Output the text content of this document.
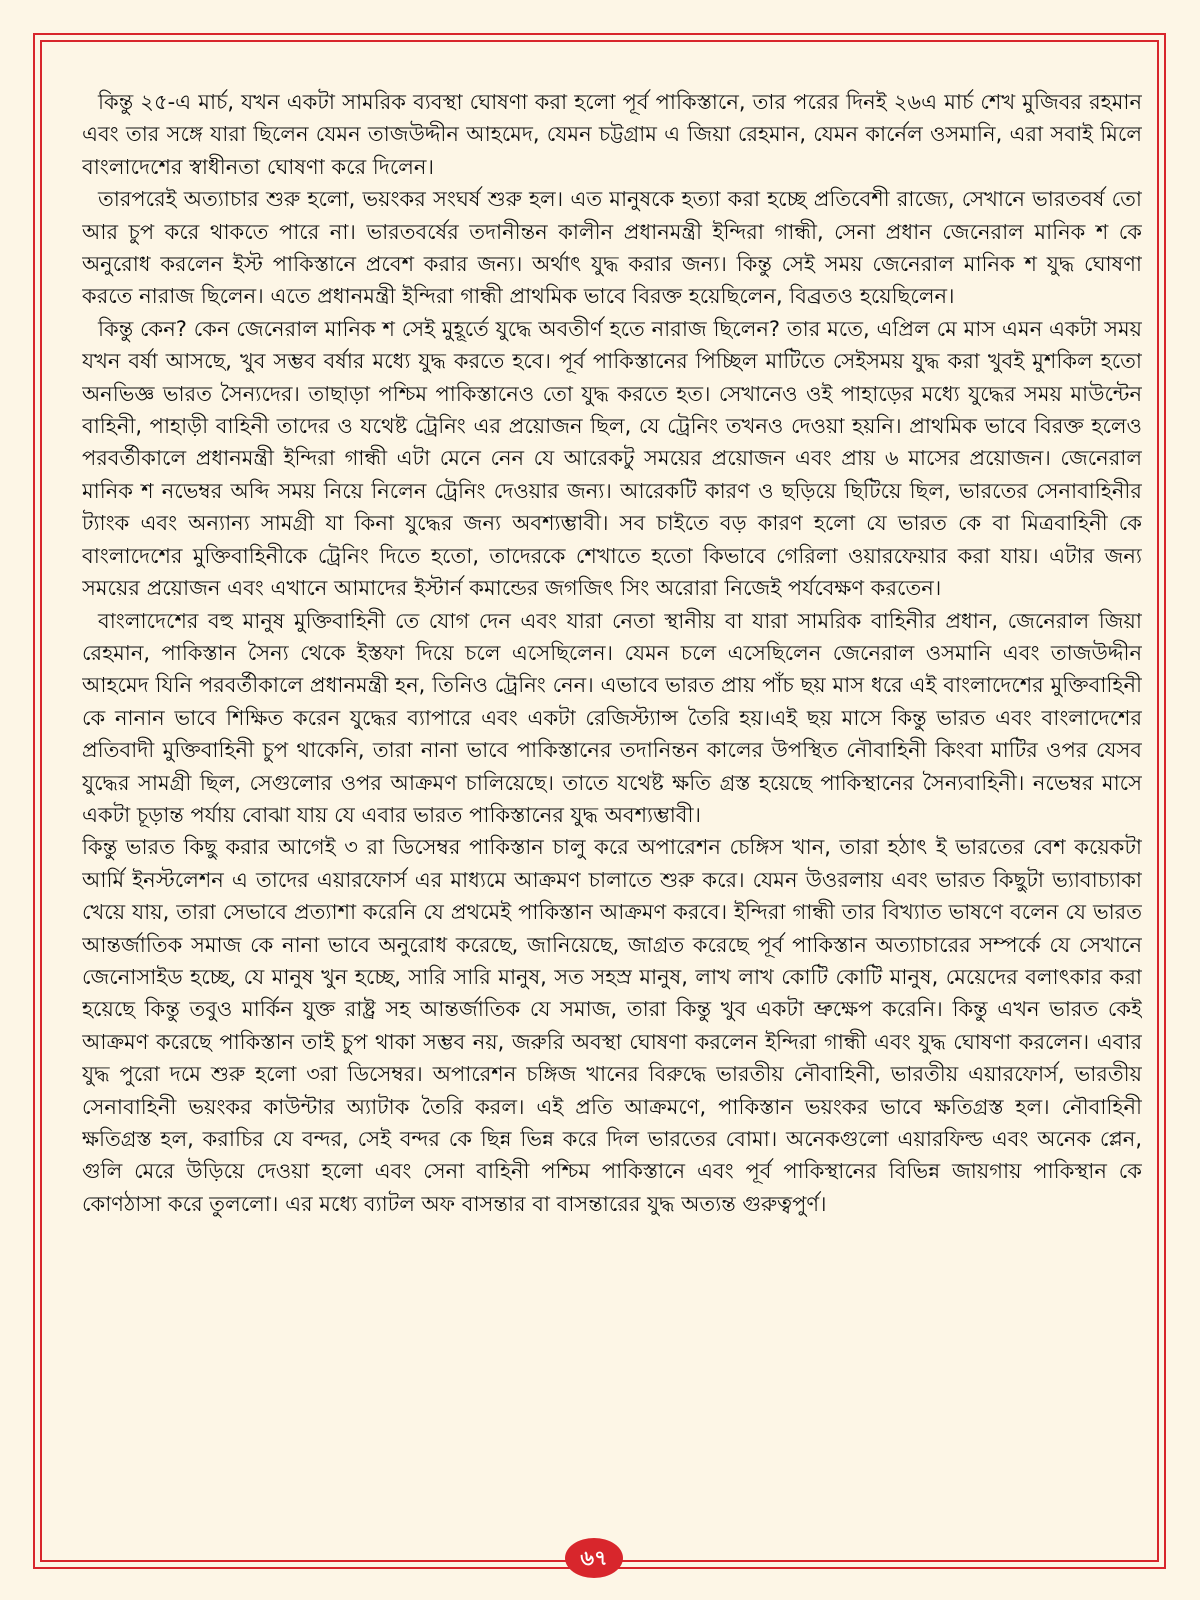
কিন্তু ২৫-এ মার্চ, যখন একটা সামরিক ব্যবস্থা ঘোষণা করা হলো পূর্ব পাকিস্তানে, তার পরের দিনই ২৬এ মার্চ শেখ মুজিবর রহমান এবং তার সঙ্গে যারা ছিলেন যেমন তাজউদ্দীন আহমেদ, যেমন চট্টগ্রাম এ জিয়া রেহমান, যেমন কার্নেল ওসমানি, এরা সবাই মিলে বাংলাদেশের স্বাধীনতা ঘোষণা করে দিলেন।

তারপরেই অত্যাচার শুরু হলো, ভয়ংকর সংঘর্ষ শুরু হল। এত মানুষকে হত্যা করা হচ্ছে প্রতিবেশী রাজ্যে, সেখানে ভারতবর্ষ তো আর চুপ করে থাকতে পারে না। ভারতবর্ষের তদানীন্তন কালীন প্রধানমন্ত্রী ইন্দিরা গান্ধী, সেনা প্রধান জেনেরাল মানিক শ কে অনুরোধ করলেন ইস্ট পাকিস্তানে প্রবেশ করার জন্য। অর্থাৎ যুদ্ধ করার জন্য। কিন্তু সেই সময় জেনেরাল মানিক শ যুদ্ধ ঘোষণা করতে নারাজ ছিলেন। এতে প্রধানমন্ত্রী ইন্দিরা গান্ধী প্রাথমিক ভাবে বিরক্ত হয়েছিলেন, বিব্রতও হয়েছিলেন।

কিন্তু কেন? কেন জেনেরাল মানিক শ সেই মুহূর্তে যুদ্ধে অবতীর্ণ হতে নারাজ ছিলেন? তার মতে, এপ্রিল মে মাস এমন একটা সময় যখন বর্ষা আসছে, খুব সম্ভব বর্ষার মধ্যে যুদ্ধ করতে হবে। পূর্ব পাকিস্তানের পিচ্ছিল মাটিতে সেইসময় যুদ্ধ করা খুবই মুশকিল হতো অনভিজ্ঞ ভারত সৈন্যদের। তাছাড়া পশ্চিম পাকিস্তানেও তো যুদ্ধ করতে হত। সেখানেও ওই পাহাড়ের মধ্যে যুদ্ধের সময় মাউন্টেন বাহিনী, পাহাড়ী বাহিনী তাদের ও যথেষ্ট ট্রেনিং এর প্রয়োজন ছিল, যে ট্রেনিং তখনও দেওয়া হয়নি। প্রাথমিক ভাবে বিরক্ত হলেও পরবর্তীকালে প্রধানমন্ত্রী ইন্দিরা গান্ধী এটা মেনে নেন যে আরেকটু সময়ের প্রয়োজন এবং প্রায় ৬ মাসের প্রয়োজন। জেনেরাল মানিক শ নভেম্বর অব্দি সময় নিয়ে নিলেন ট্রেনিং দেওয়ার জন্য। আরেকটি কারণ ও ছড়িয়ে ছিটিয়ে ছিল, ভারতের সেনাবাহিনীর ট্যাংক এবং অন্যান্য সামগ্রী যা কিনা যুদ্ধের জন্য অবশ্যম্ভাবী। সব চাইতে বড় কারণ হলো যে ভারত কে বা মিত্রবাহিনী কে বাংলাদেশের মুক্তিবাহিনীকে ট্রেনিং দিতে হতো, তাদেরকে শেখাতে হতো কিভাবে গেরিলা ওয়ারফেয়ার করা যায়। এটার জন্য সময়ের প্রয়োজন এবং এখানে আমাদের ইস্টার্ন কমান্ডের জগজিৎ সিং অরোরা নিজেই পর্যবেক্ষণ করতেন।

বাংলাদেশের বহু মানুষ মুক্তিবাহিনী তে যোগ দেন এবং যারা নেতা স্থানীয় বা যারা সামরিক বাহিনীর প্রধান, জেনেরাল জিয়া রেহমান, পাকিস্তান সৈন্য থেকে ইস্তফা দিয়ে চলে এসেছিলেন। যেমন চলে এসেছিলেন জেনেরাল ওসমানি এবং তাজউদ্দীন আহমেদ যিনি পরবর্তীকালে প্রধানমন্ত্রী হন, তিনিও ট্রেনিং নেন। এভাবে ভারত প্রায় পাঁচ ছয় মাস ধরে এই বাংলাদেশের মুক্তিবাহিনী কে নানান ভাবে শিক্ষিত করেন যুদ্ধের ব্যাপারে এবং একটা রেজিস্ট্যান্স তৈরি হয়।এই ছয় মাসে কিন্তু ভারত এবং বাংলাদেশের প্রতিবাদী মুক্তিবাহিনী চুপ থাকেনি, তারা নানা ভাবে পাকিস্তানের তদানিন্তন কালের উপস্থিত নৌবাহিনী কিংবা মাটির ওপর যেসব যুদ্ধের সামগ্রী ছিল, সেগুলোর ওপর আক্রমণ চালিয়েছে। তাতে যথেষ্ট ক্ষতি গ্রস্ত হয়েছে পাকিস্থানের সৈন্যবাহিনী। নভেম্বর মাসে একটা চূড়ান্ত পর্যায় বোঝা যায় যে এবার ভারত পাকিস্তানের যুদ্ধ অবশ্যম্ভাবী।

কিন্তু ভারত কিছু করার আগেই ৩ রা ডিসেম্বর পাকিস্তান চালু করে অপারেশন চেঙ্গিস খান, তারা হঠাৎ ই ভারতের বেশ কয়েকটা আর্মি ইনস্টলেশন এ তাদের এয়ারফোর্স এর মাধ্যমে আক্রমণ চালাতে শুরু করে। যেমন উওরলায় এবং ভারত কিছুটা ভ্যাবাচ্যাকা খেয়ে যায়, তারা সেভাবে প্রত্যাশা করেনি যে প্রথমেই পাকিস্তান আক্রমণ করবে। ইন্দিরা গান্ধী তার বিখ্যাত ভাষণে বলেন যে ভারত আন্তর্জাতিক সমাজ কে নানা ভাবে অনুরোধ করেছে, জানিয়েছে, জাগ্রত করেছে পূর্ব পাকিস্তান অত্যাচারের সম্পর্কে যে সেখানে জেনোসাইড হচ্ছে, যে মানুষ খুন হচ্ছে, সারি সারি মানুষ, সত সহস্র মানুষ, লাখ লাখ কোটি কোটি মানুষ, মেয়েদের বলাৎকার করা হয়েছে কিন্তু তবুও মার্কিন যুক্ত রাষ্ট্র সহ আন্তর্জাতিক যে সমাজ, তারা কিন্তু খুব একটা ভ্রুক্ষেপ করেনি। কিন্তু এখন ভারত কেই আক্রমণ করেছে পাকিস্তান তাই চুপ থাকা সম্ভব নয়, জরুরি অবস্থা ঘোষণা করলেন ইন্দিরা গান্ধী এবং যুদ্ধ ঘোষণা করলেন। এবার যুদ্ধ পুরো দমে শুরু হলো ৩রা ডিসেম্বর। অপারেশন চঙ্গিজ খানের বিরুদ্ধে ভারতীয় নৌবাহিনী, ভারতীয় এয়ারফোর্স, ভারতীয় সেনাবাহিনী ভয়ংকর কাউন্টার অ্যাটাক তৈরি করল। এই প্রতি আক্রমণে, পাকিস্তান ভয়ংকর ভাবে ক্ষতিগ্রস্ত হল। নৌবাহিনী ক্ষতিগ্রস্ত হল, করাচির যে বন্দর, সেই বন্দর কে ছিন্ন ভিন্ন করে দিল ভারতের বোমা। অনেকগুলো এয়ারফিল্ড এবং অনেক প্লেন, গুলি মেরে উড়িয়ে দেওয়া হলো এবং সেনা বাহিনী পশ্চিম পাকিস্তানে এবং পূর্ব পাকিস্থানের বিভিন্ন জায়গায় পাকিস্থান কে কোণঠাসা করে তুললো। এর মধ্যে ব্যাটল অফ বাসন্তার বা বাসন্তারের যুদ্ধ অত্যন্ত গুরুত্বপুর্ণ।

৬৭
